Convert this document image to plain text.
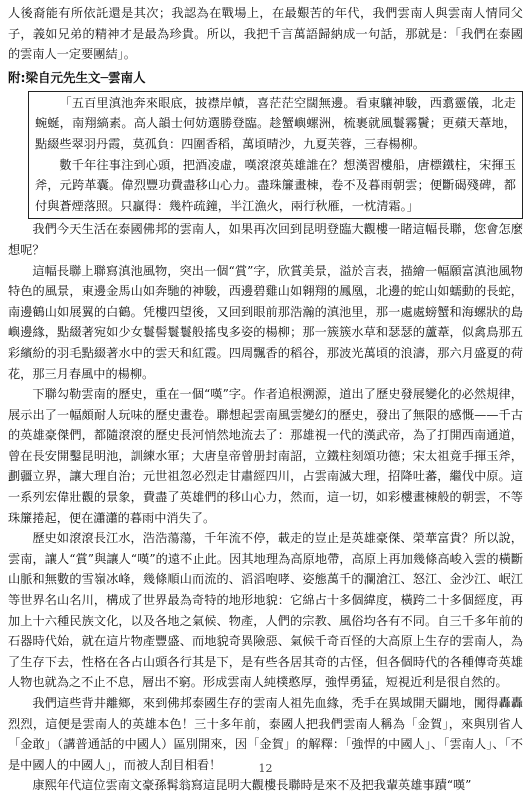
人後裔能有所依託還是其次；我認為在戰場上，在最艱苦的年代，我們雲南人與雲南人情同父子，義如兄弟的精神才是最為珍貴。所以，我把千言萬語歸納成一句話，那就是：「我們在泰國的雲南人一定要團結」。

附:梁自元先生文─雲南人

「五百里滇池奔來眼底，披襟岸幘，喜茫茫空闊無邊。看東驤神駿，西翥靈儀，北走蜿蜒，南翔縞素。高人韻士何妨選勝登臨。趁蟹嶼螺洲，梳裹就風鬟霧鬢；更蘋天葦地，點綴些翠羽丹霞，莫孤負：四圍香稻，萬頃晴沙，九夏芙蓉，三春楊柳。

數千年往事注到心頭，把酒凌虛，嘆滾滾英雄誰在？想漢習樓船，唐標鐵柱，宋揮玉斧，元跨革囊。偉烈豐功費盡移山心力。盡珠簾畫棟，卷不及暮雨朝雲；便斷碣殘碑，都付與蒼煙落照。只贏得：幾杵疏鐘，半江漁火，兩行秋雁，一枕清霜。」

我們今天生活在泰國佛邦的雲南人，如果再次回到昆明登臨大觀樓一睹這幅長聯，您會怎麼想呢？

這幅長聯上聯寫滇池風物，突出一個“賞”字，欣賞美景，溢於言表，描繪一幅願富滇池風物特色的風景，東邊金馬山如奔馳的神駿，西邊碧雞山如翱翔的鳳凰，北邊的蛇山如蠕動的長蛇，南邊鶴山如展翼的白鶴。凭樓四望後，又回到眼前那浩瀚的滇池里，那一處處螃蟹和海螺狀的島嶼邊緣，點綴著宛如少女鬟髻鬟鬟般搖曳多姿的楊柳；那一簇簇水草和瑟瑟的蘆葦，似禽鳥那五彩繽紛的羽毛點綴著水中的雲天和紅霞。四周飄香的稻谷，那波光萬頃的浪濤，那六月盛夏的荷花，那三月春風中的楊柳。

下聯勾勒雲南的歷史，重在一個“嘆”字。作者追根溯源，道出了歷史發展變化的必然規律，展示出了一幅頗耐人玩味的歷史畫卷。聯想起雲南風雲變幻的歷史，發出了無限的感慨——千古的英雄豪傑們，都隨滾滾的歷史長河悄然地流去了：那雄視一代的漢武帝，為了打開西南通道，曾在長安開鑿昆明池，訓練水軍；大唐皇帝曾册封南詔，立鐵柱刻頌功德；宋太祖竟手揮玉斧，劃疆立界，讓大理自治；元世祖忽必烈走甘肅經四川，占雲南滅大理，招降吐蕃，繼伐中原。這一系列宏偉壯觀的景象，費盡了英雄們的移山心力，然而，這一切，如彩樓畫棟般的朝雲，不等珠簾捲起，便在瀟瀟的暮雨中消失了。

歷史如滾滾長江水，浩浩蕩蕩，千年流不停，載走的豈止是英雄豪傑、榮華富貴？所以說，雲南，讓人“賞”與讓人“嘆”的遠不止此。因其地理為高原地帶，高原上再加幾條高峻入雲的橫斷山脈和無數的雪嶺冰峰，幾條順山而流的、滔滔咆哮、姿態萬千的瀾滄江、怒江、金沙江、岷江等世界名山名川，構成了世界最為奇特的地形地貌：它綿占十多個緯度，橫跨二十多個經度，再加上十六種民族文化，以及各地之氣候、物產，人們的宗教、風俗均各有不同。自三千多年前的石器時代始，就在這片物產豐盛、而地貌奇異險惡、氣候千奇百怪的大高原上生存的雲南人，為了生存下去，性格在各占山頭各行其是下，是有些各居其奇的古怪，但各個時代的各種傳奇英雄人物也就為之不止不息，層出不窮。形成雲南人純樸憨厚，強悍勇猛，短視近利是很自然的。

我們這些背井離鄉，來到佛邦泰國生存的雲南人祖先血緣，禿手在異域開天闢地，闖得轟轟烈烈，這便是雲南人的英雄本色！三十多年前，泰國人把我們雲南人稱為「金賀」，來與別省人「金敢」（講普通話的中國人）區別開來，因「金賀」的解釋：「強悍的中國人」、「雲南人」、「不是中國人的中國人」，而被人刮目相看！

康熙年代這位雲南文豪孫髯翁寫這昆明大觀樓長聯時是來不及把我輩英雄事蹟“嘆”

12
